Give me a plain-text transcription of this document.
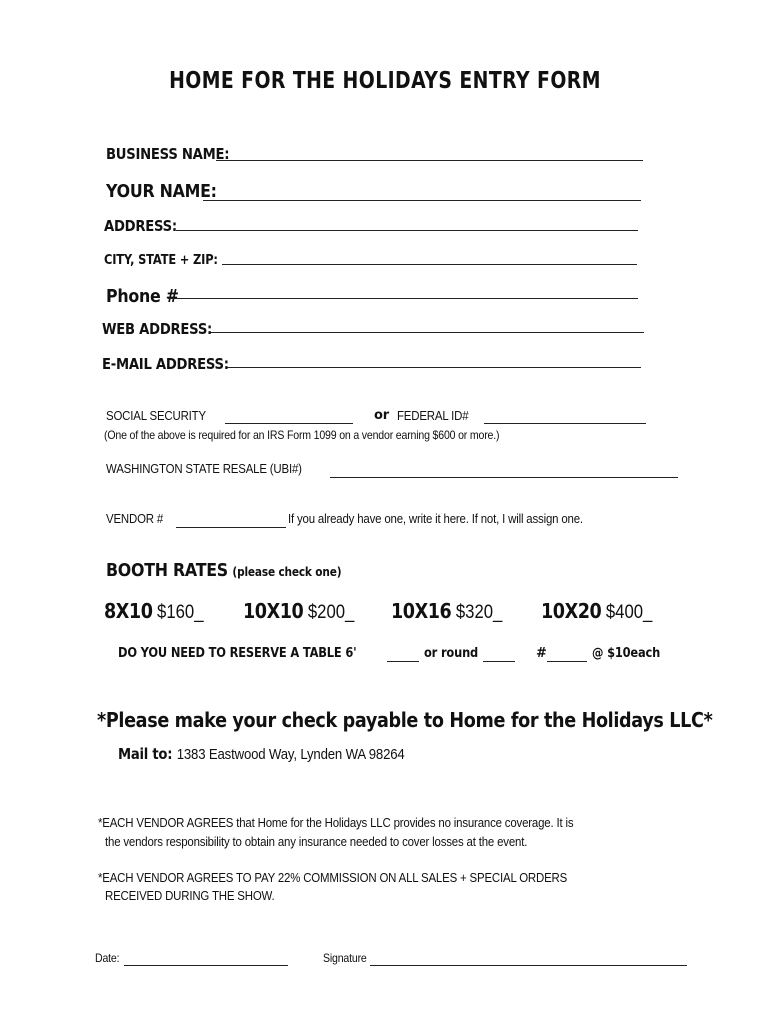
HOME FOR THE HOLIDAYS ENTRY FORM
BUSINESS NAME:
YOUR NAME:
ADDRESS:
CITY, STATE + ZIP:
Phone #
WEB ADDRESS:
E-MAIL ADDRESS:
SOCIAL SECURITY	or FEDERAL ID#
(One of the above is required for an IRS Form 1099 on a vendor earning $600 or more.)
WASHINGTON STATE RESALE (UBI#)
VENDOR #	If you already have one, write it here. If not, I will assign one.
BOOTH RATES (please check one)
8X10 $160_ 10X10 $200_ 10X16 $320_ 10X20 $400_
DO YOU NEED TO RESERVE A TABLE 6'	or round	#	@ $10each
*Please make your check payable to Home for the Holidays LLC*
Mail to: 1383 Eastwood Way, Lynden WA 98264
*EACH VENDOR AGREES that Home for the Holidays LLC provides no insurance coverage. It is
the vendors responsibility to obtain any insurance needed to cover losses at the event.
*EACH VENDOR AGREES TO PAY 22% COMMISSION ON ALL SALES + SPECIAL ORDERS
RECEIVED DURING THE SHOW.
Date:	Signature
